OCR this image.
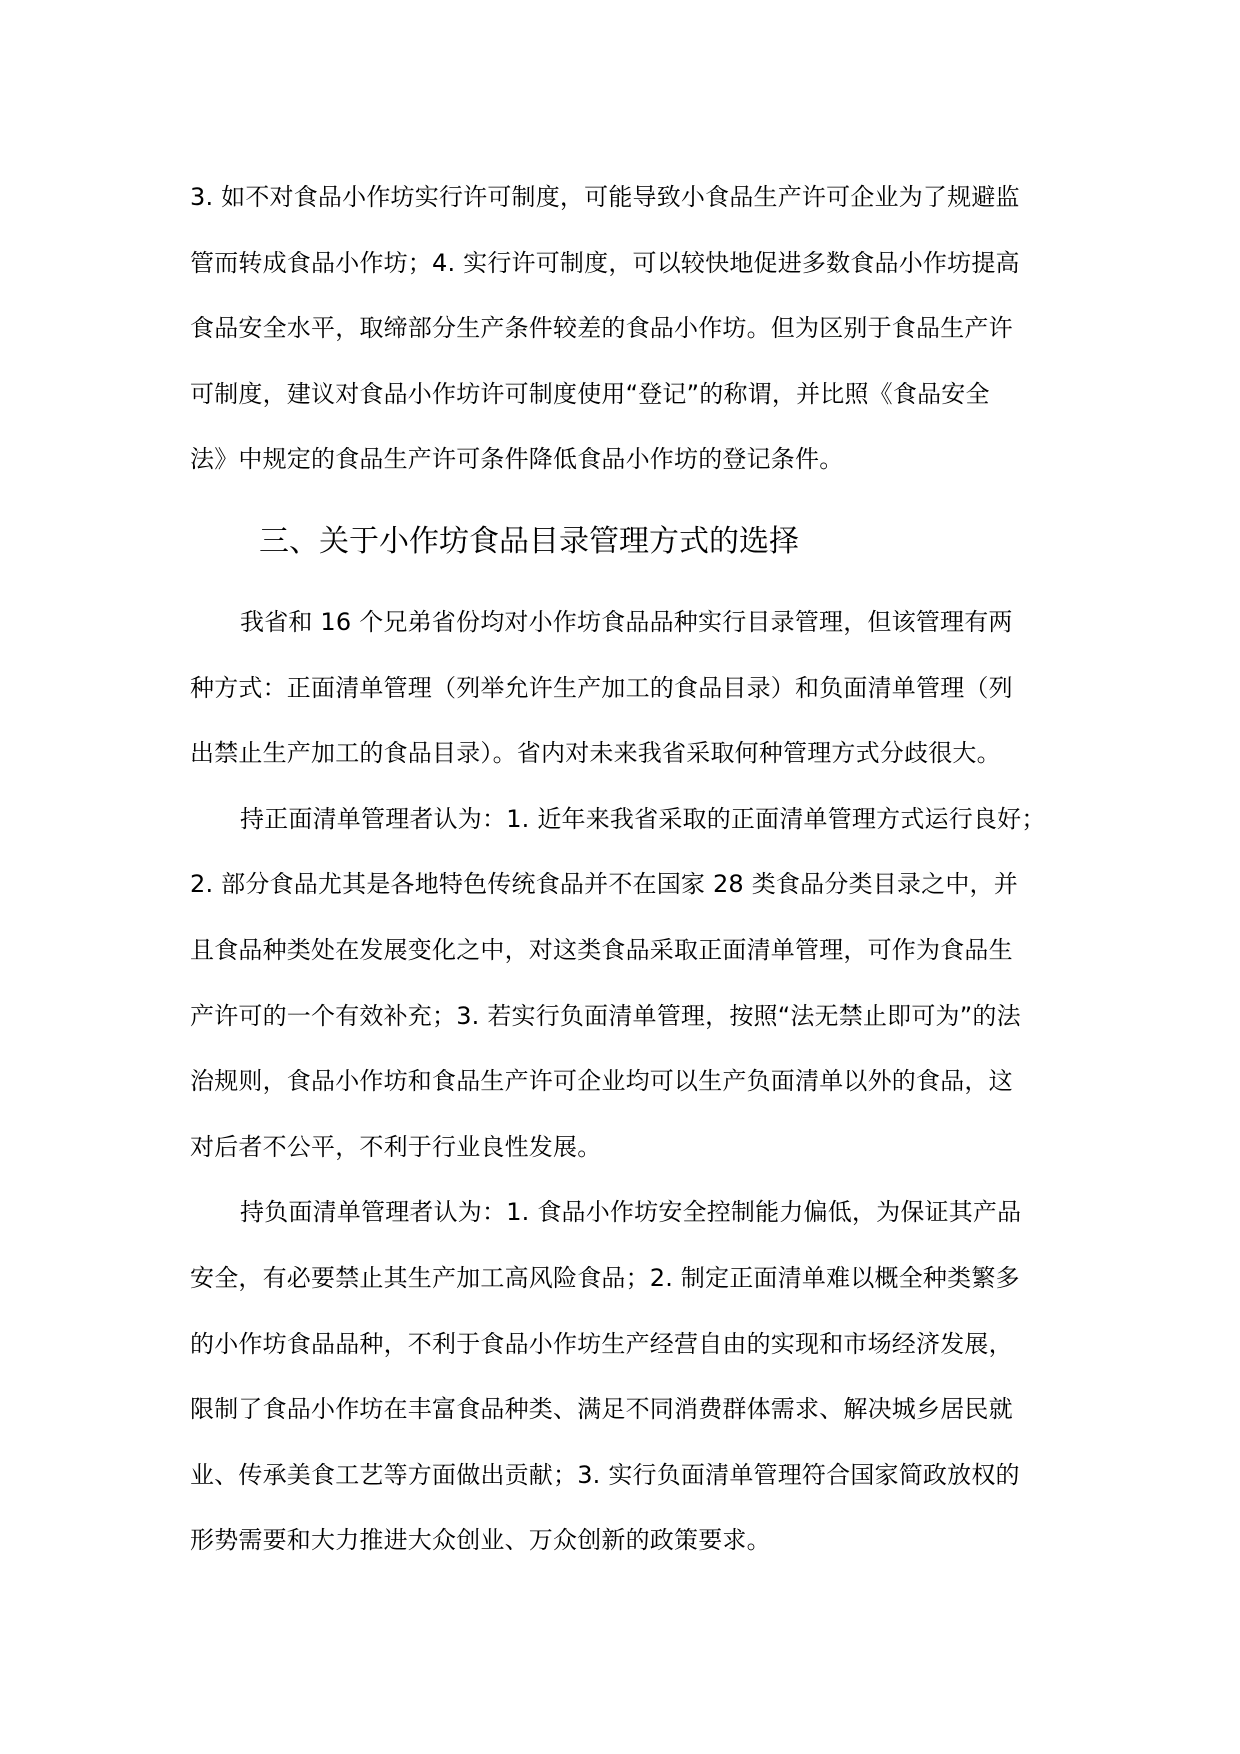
3. 如不对食品小作坊实行许可制度，可能导致小食品生产许可企业为了规避监
管而转成食品小作坊；4. 实行许可制度，可以较快地促进多数食品小作坊提高
食品安全水平，取缔部分生产条件较差的食品小作坊。但为区别于食品生产许
可制度，建议对食品小作坊许可制度使用“登记”的称谓，并比照《食品安全
法》中规定的食品生产许可条件降低食品小作坊的登记条件。
三、关于小作坊食品目录管理方式的选择
我省和 16 个兄弟省份均对小作坊食品品种实行目录管理，但该管理有两
种方式：正面清单管理（列举允许生产加工的食品目录）和负面清单管理（列
出禁止生产加工的食品目录）。省内对未来我省采取何种管理方式分歧很大。
持正面清单管理者认为：1. 近年来我省采取的正面清单管理方式运行良好；
2. 部分食品尤其是各地特色传统食品并不在国家 28 类食品分类目录之中，并
且食品种类处在发展变化之中，对这类食品采取正面清单管理，可作为食品生
产许可的一个有效补充；3. 若实行负面清单管理，按照“法无禁止即可为”的法
治规则，食品小作坊和食品生产许可企业均可以生产负面清单以外的食品，这
对后者不公平，不利于行业良性发展。
持负面清单管理者认为：1. 食品小作坊安全控制能力偏低，为保证其产品
安全，有必要禁止其生产加工高风险食品；2. 制定正面清单难以概全种类繁多
的小作坊食品品种，不利于食品小作坊生产经营自由的实现和市场经济发展，
限制了食品小作坊在丰富食品种类、满足不同消费群体需求、解决城乡居民就
业、传承美食工艺等方面做出贡献；3. 实行负面清单管理符合国家简政放权的
形势需要和大力推进大众创业、万众创新的政策要求。
